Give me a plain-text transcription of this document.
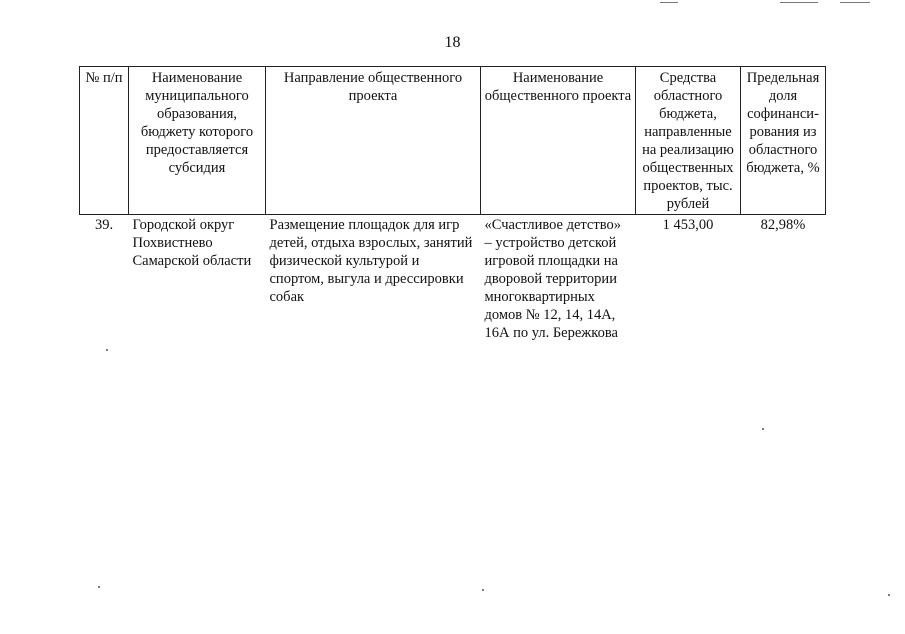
18
№ п/п	Наименование муниципального образования, бюджету которого предоставляется субсидия	Направление общественного проекта	Наименование общественного проекта	Средства областного бюджета, направленные на реализацию общественных проектов, тыс. рублей	Предельная доля софинанси-рования из областного бюджета, %
39.	Городской округ Похвистнево Самарской области	Размещение площадок для игр детей, отдыха взрослых, занятий физической культурой и спортом, выгула и дрессировки собак	«Счастливое детство» – устройство детской игровой площадки на дворовой территории многоквартирных домов № 12, 14, 14А, 16А по ул. Бережкова	1 453,00	82,98%
